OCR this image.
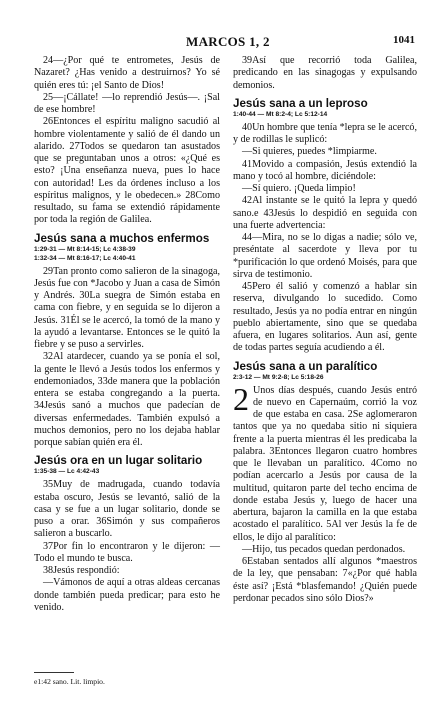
MARCOS 1, 2	1041

24—¿Por qué te entrometes, Jesús de Nazaret? ¿Has venido a destruirnos? Yo sé quién eres tú: ¡el Santo de Dios!

25—¡Cállate! —lo reprendió Jesús—. ¡Sal de ese hombre!

26Entonces el espíritu maligno sacudió al hombre violentamente y salió de él dando un alarido. 27Todos se quedaron tan asustados que se preguntaban unos a otros: «¿Qué es esto? ¡Una enseñanza nueva, pues lo hace con autoridad! Les da órdenes incluso a los espíritus malignos, y le obedecen.» 28Como resultado, su fama se extendió rápidamente por toda la región de Galilea.

Jesús sana a muchos enfermos
1:29-31 — Mt 8:14-15; Lc 4:38-39
1:32-34 — Mt 8:16-17; Lc 4:40-41

29Tan pronto como salieron de la sinagoga, Jesús fue con *Jacobo y Juan a casa de Simón y Andrés. 30La suegra de Simón estaba en cama con fiebre, y en seguida se lo dijeron a Jesús. 31Él se le acercó, la tomó de la mano y la ayudó a levantarse. Entonces se le quitó la fiebre y se puso a servirles.

32Al atardecer, cuando ya se ponía el sol, la gente le llevó a Jesús todos los enfermos y endemoniados, 33de manera que la población entera se estaba congregando a la puerta. 34Jesús sanó a muchos que padecían de diversas enfermedades. También expulsó a muchos demonios, pero no los dejaba hablar porque sabían quién era él.

Jesús ora en un lugar solitario
1:35-38 — Lc 4:42-43

35Muy de madrugada, cuando todavía estaba oscuro, Jesús se levantó, salió de la casa y se fue a un lugar solitario, donde se puso a orar. 36Simón y sus compañeros salieron a buscarlo.

37Por fin lo encontraron y le dijeron: —Todo el mundo te busca.

38Jesús respondió:

—Vámonos de aquí a otras aldeas cercanas donde también pueda predicar; para esto he venido.

39Así que recorrió toda Galilea, predicando en las sinagogas y expulsando demonios.

Jesús sana a un leproso
1:40-44 — Mt 8:2-4; Lc 5:12-14

40Un hombre que tenía *lepra se le acercó, y de rodillas le suplicó:

—Si quieres, puedes *limpiarme.

41Movido a compasión, Jesús extendió la mano y tocó al hombre, diciéndole:

—Sí quiero. ¡Queda limpio!

42Al instante se le quitó la lepra y quedó sano.e 43Jesús lo despidió en seguida con una fuerte advertencia:

44—Mira, no se lo digas a nadie; sólo ve, preséntate al sacerdote y lleva por tu *purificación lo que ordenó Moisés, para que sirva de testimonio.

45Pero él salió y comenzó a hablar sin reserva, divulgando lo sucedido. Como resultado, Jesús ya no podía entrar en ningún pueblo abiertamente, sino que se quedaba afuera, en lugares solitarios. Aun así, gente de todas partes seguía acudiendo a él.

Jesús sana a un paralítico
2:3-12 — Mt 9:2-8; Lc 5:18-26

2 Unos días después, cuando Jesús entró de nuevo en Capernaúm, corrió la voz de que estaba en casa. 2Se aglomeraron tantos que ya no quedaba sitio ni siquiera frente a la puerta mientras él les predicaba la palabra. 3Entonces llegaron cuatro hombres que le llevaban un paralítico. 4Como no podían acercarlo a Jesús por causa de la multitud, quitaron parte del techo encima de donde estaba Jesús y, luego de hacer una abertura, bajaron la camilla en la que estaba acostado el paralítico. 5Al ver Jesús la fe de ellos, le dijo al paralítico:

—Hijo, tus pecados quedan perdonados.

6Estaban sentados allí algunos *maestros de la ley, que pensaban: 7«¿Por qué habla éste así? ¡Está *blasfemando! ¿Quién puede perdonar pecados sino sólo Dios?»

e1:42 sano. Lit. limpio.
